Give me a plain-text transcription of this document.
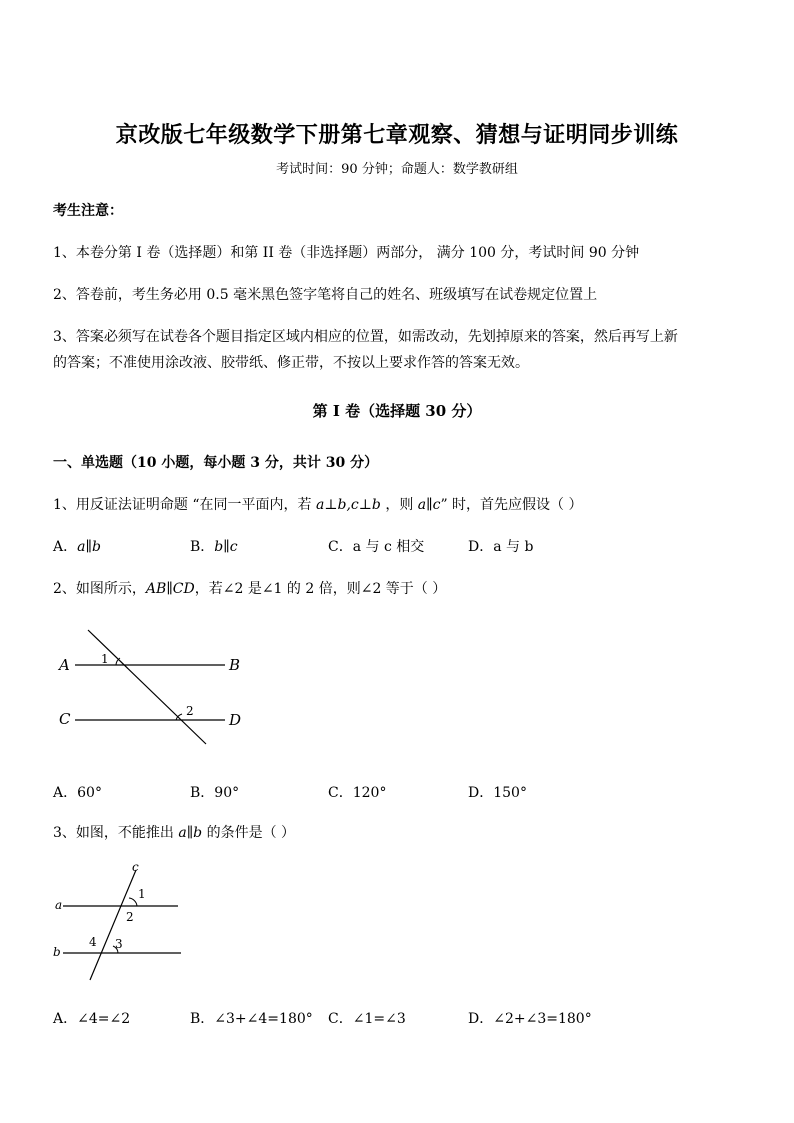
京改版七年级数学下册第七章观察、猜想与证明同步训练
考试时间：90 分钟；命题人：数学教研组
考生注意：
1、本卷分第 I 卷（选择题）和第 II 卷（非选择题）两部分， 满分 100 分，考试时间 90 分钟
2、答卷前，考生务必用 0.5 毫米黑色签字笔将自己的姓名、班级填写在试卷规定位置上
3、答案必须写在试卷各个题目指定区域内相应的位置，如需改动，先划掉原来的答案，然后再写上新
的答案；不准使用涂改液、胶带纸、修正带，不按以上要求作答的答案无效。
第 I 卷（选择题 30 分）
一、单选题（10 小题，每小题 3 分，共计 30 分）
1、用反证法证明命题 “在同一平面内，若 a⊥b,c⊥b ，则 a∥c” 时，首先应假设（ ）
A．a∥b	B．b∥c	C．a 与 c 相交	D．a 与 b
2、如图所示，AB∥CD，若∠2 是∠1 的 2 倍，则∠2 等于（ ）
A	B
C	D
1
2
A．60°	B．90°	C．120°	D．150°
3、如图，不能推出 a∥b 的条件是（ ）
a
b
c
1
2
3
4
A．∠4=∠2	B．∠3+∠4=180° C．∠1=∠3	D．∠2+∠3=180°
